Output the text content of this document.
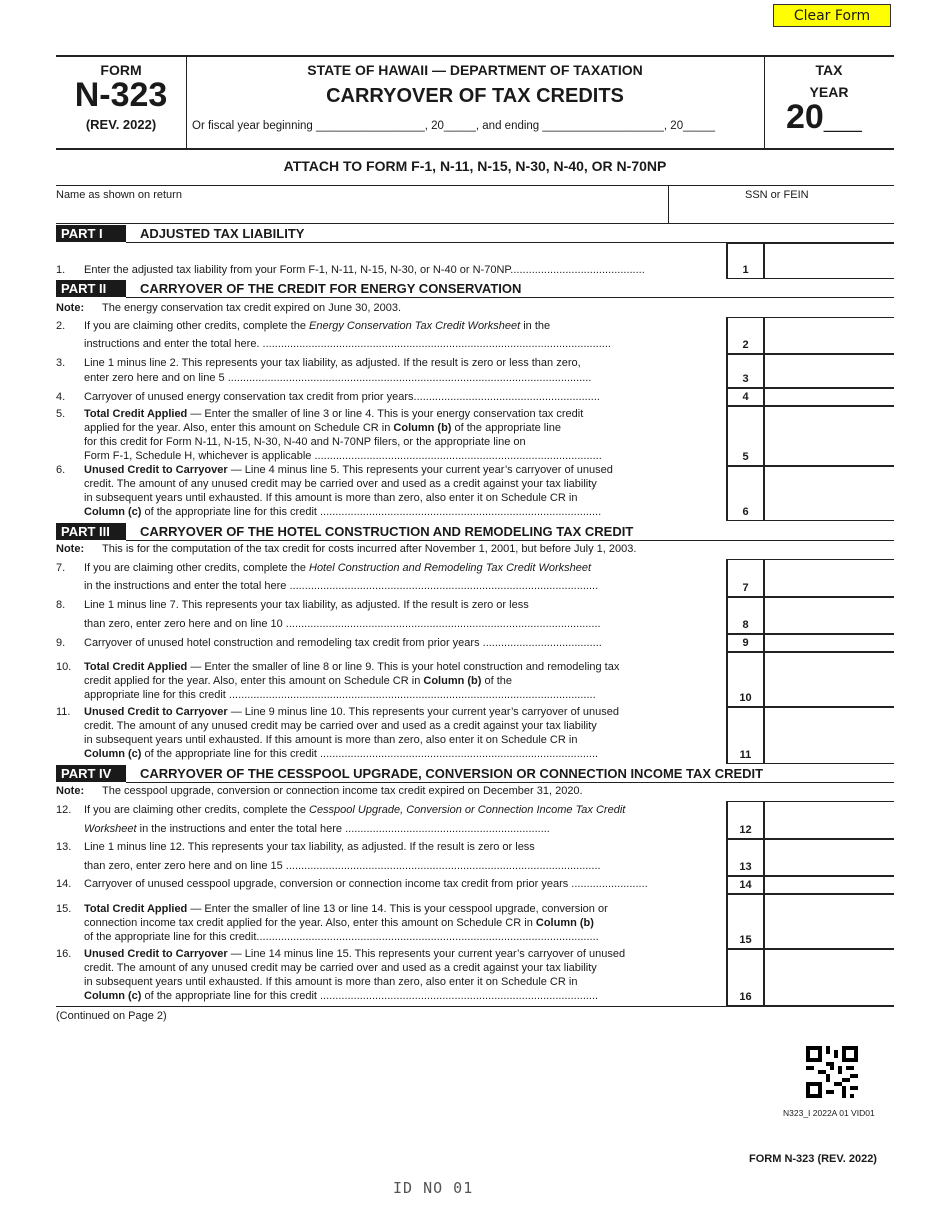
Clear Form
FORM
N-323
(REV. 2022)
STATE OF HAWAII — DEPARTMENT OF TAXATION
CARRYOVER OF TAX CREDITS
Or fiscal year beginning _________________, 20_____, and ending ___________________, 20_____
TAX
YEAR
20__
ATTACH TO FORM F-1, N-11, N-15, N-30, N-40, OR N-70NP
Name as shown on return	SSN or FEIN
PART I	ADJUSTED TAX LIABILITY
1. Enter the adjusted tax liability from your Form F-1, N-11, N-15, N-30, or N-40 or N-70NP............................................
PART II	CARRYOVER OF THE CREDIT FOR ENERGY CONSERVATION
Note: The energy conservation tax credit expired on June 30, 2003.
2. If you are claiming other credits, complete the Energy Conservation Tax Credit Worksheet in the
instructions and enter the total here. ..................................................................................................................
3. Line 1 minus line 2. This represents your tax liability, as adjusted. If the result is zero or less than zero,
enter zero here and on line 5 .......................................................................................................................
4. Carryover of unused energy conservation tax credit from prior years.............................................................
5. Total Credit Applied — Enter the smaller of line 3 or line 4. This is your energy conservation tax credit
applied for the year. Also, enter this amount on Schedule CR in Column (b) of the appropriate line
for this credit for Form N-11, N-15, N-30, N-40 and N-70NP filers, or the appropriate line on
Form F-1, Schedule H, whichever is applicable ..............................................................................................
6. Unused Credit to Carryover — Line 4 minus line 5. This represents your current year’s carryover of unused
credit. The amount of any unused credit may be carried over and used as a credit against your tax liability
in subsequent years until exhausted. If this amount is more than zero, also enter it on Schedule CR in
Column (c) of the appropriate line for this credit ............................................................................................
PART III	CARRYOVER OF THE HOTEL CONSTRUCTION AND REMODELING TAX CREDIT
Note: This is for the computation of the tax credit for costs incurred after November 1, 2001, but before July 1, 2003.
7. If you are claiming other credits, complete the Hotel Construction and Remodeling Tax Credit Worksheet
in the instructions and enter the total here .....................................................................................................
8. Line 1 minus line 7. This represents your tax liability, as adjusted. If the result is zero or less
than zero, enter zero here and on line 10 .......................................................................................................
9. Carryover of unused hotel construction and remodeling tax credit from prior years .......................................
10. Total Credit Applied — Enter the smaller of line 8 or line 9. This is your hotel construction and remodeling tax
credit applied for the year. Also, enter this amount on Schedule CR in Column (b) of the
appropriate line for this credit ........................................................................................................................
11. Unused Credit to Carryover — Line 9 minus line 10. This represents your current year’s carryover of unused
credit. The amount of any unused credit may be carried over and used as a credit against your tax liability
in subsequent years until exhausted. If this amount is more than zero, also enter it on Schedule CR in
Column (c) of the appropriate line for this credit ...........................................................................................
PART IV	CARRYOVER OF THE CESSPOOL UPGRADE, CONVERSION OR CONNECTION INCOME TAX CREDIT
Note: The cesspool upgrade, conversion or connection income tax credit expired on December 31, 2020.
12. If you are claiming other credits, complete the Cesspool Upgrade, Conversion or Connection Income Tax Credit
Worksheet in the instructions and enter the total here ...................................................................
13. Line 1 minus line 12. This represents your tax liability, as adjusted. If the result is zero or less
than zero, enter zero here and on line 15 .......................................................................................................
14. Carryover of unused cesspool upgrade, conversion or connection income tax credit from prior years .........................
15. Total Credit Applied — Enter the smaller of line 13 or line 14. This is your cesspool upgrade, conversion or
connection income tax credit applied for the year. Also, enter this amount on Schedule CR in Column (b)
of the appropriate line for this credit................................................................................................................
16. Unused Credit to Carryover — Line 14 minus line 15. This represents your current year’s carryover of unused
credit. The amount of any unused credit may be carried over and used as a credit against your tax liability
in subsequent years until exhausted. If this amount is more than zero, also enter it on Schedule CR in
Column (c) of the appropriate line for this credit ...........................................................................................
1
2
3
4
5
6
7
8
9
10
11
12
13
14
15
16
(Continued on Page 2)
N323_I 2022A 01 VID01
FORM N-323 (REV. 2022)
ID NO 01
